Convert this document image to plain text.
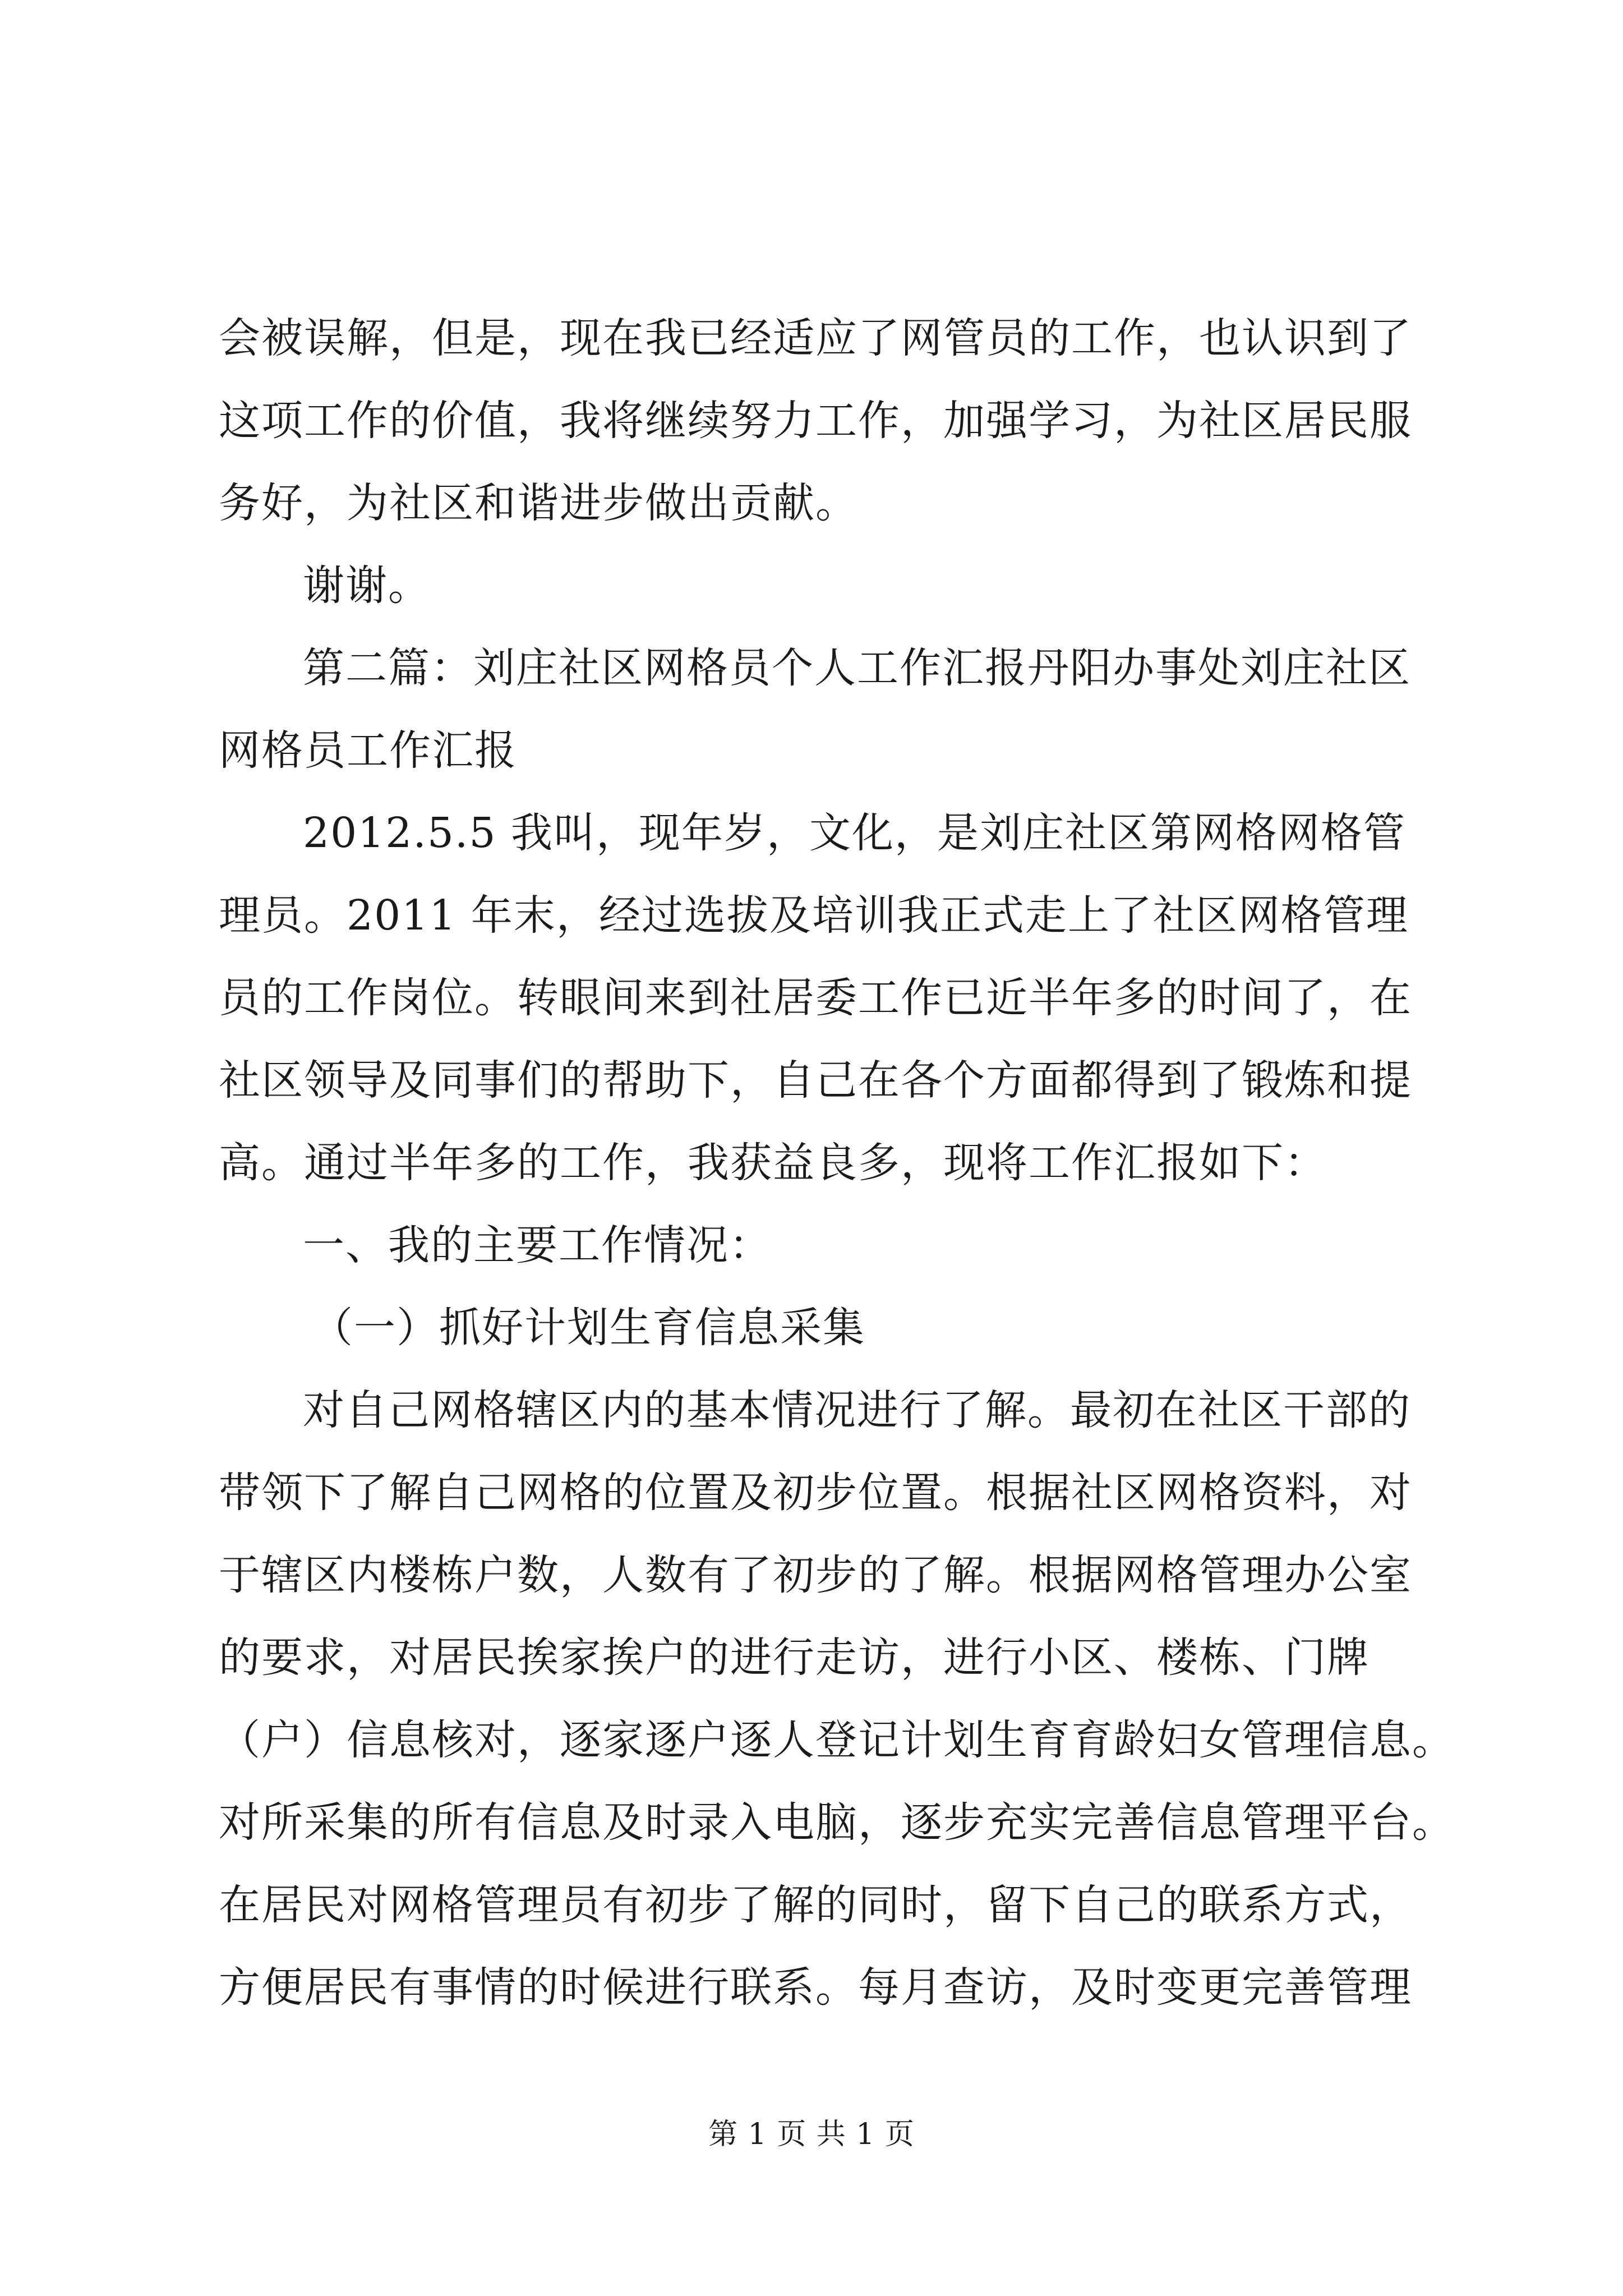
会被误解，但是，现在我已经适应了网管员的工作，也认识到了
这项工作的价值，我将继续努力工作，加强学习，为社区居民服
务好，为社区和谐进步做出贡献。
谢谢。
第二篇：刘庄社区网格员个人工作汇报丹阳办事处刘庄社区
网格员工作汇报
2012.5.5 我叫，现年岁，文化，是刘庄社区第网格网格管
理员。2011 年末，经过选拔及培训我正式走上了社区网格管理
员的工作岗位。转眼间来到社居委工作已近半年多的时间了，在
社区领导及同事们的帮助下，自己在各个方面都得到了锻炼和提
高。通过半年多的工作，我获益良多，现将工作汇报如下：
一、我的主要工作情况：
（一）抓好计划生育信息采集
对自己网格辖区内的基本情况进行了解。最初在社区干部的
带领下了解自己网格的位置及初步位置。根据社区网格资料，对
于辖区内楼栋户数，人数有了初步的了解。根据网格管理办公室
的要求，对居民挨家挨户的进行走访，进行小区、楼栋、门牌
（户）信息核对，逐家逐户逐人登记计划生育育龄妇女管理信息。
对所采集的所有信息及时录入电脑，逐步充实完善信息管理平台。
在居民对网格管理员有初步了解的同时，留下自己的联系方式，
方便居民有事情的时候进行联系。每月查访，及时变更完善管理
第 1 页 共 1 页
